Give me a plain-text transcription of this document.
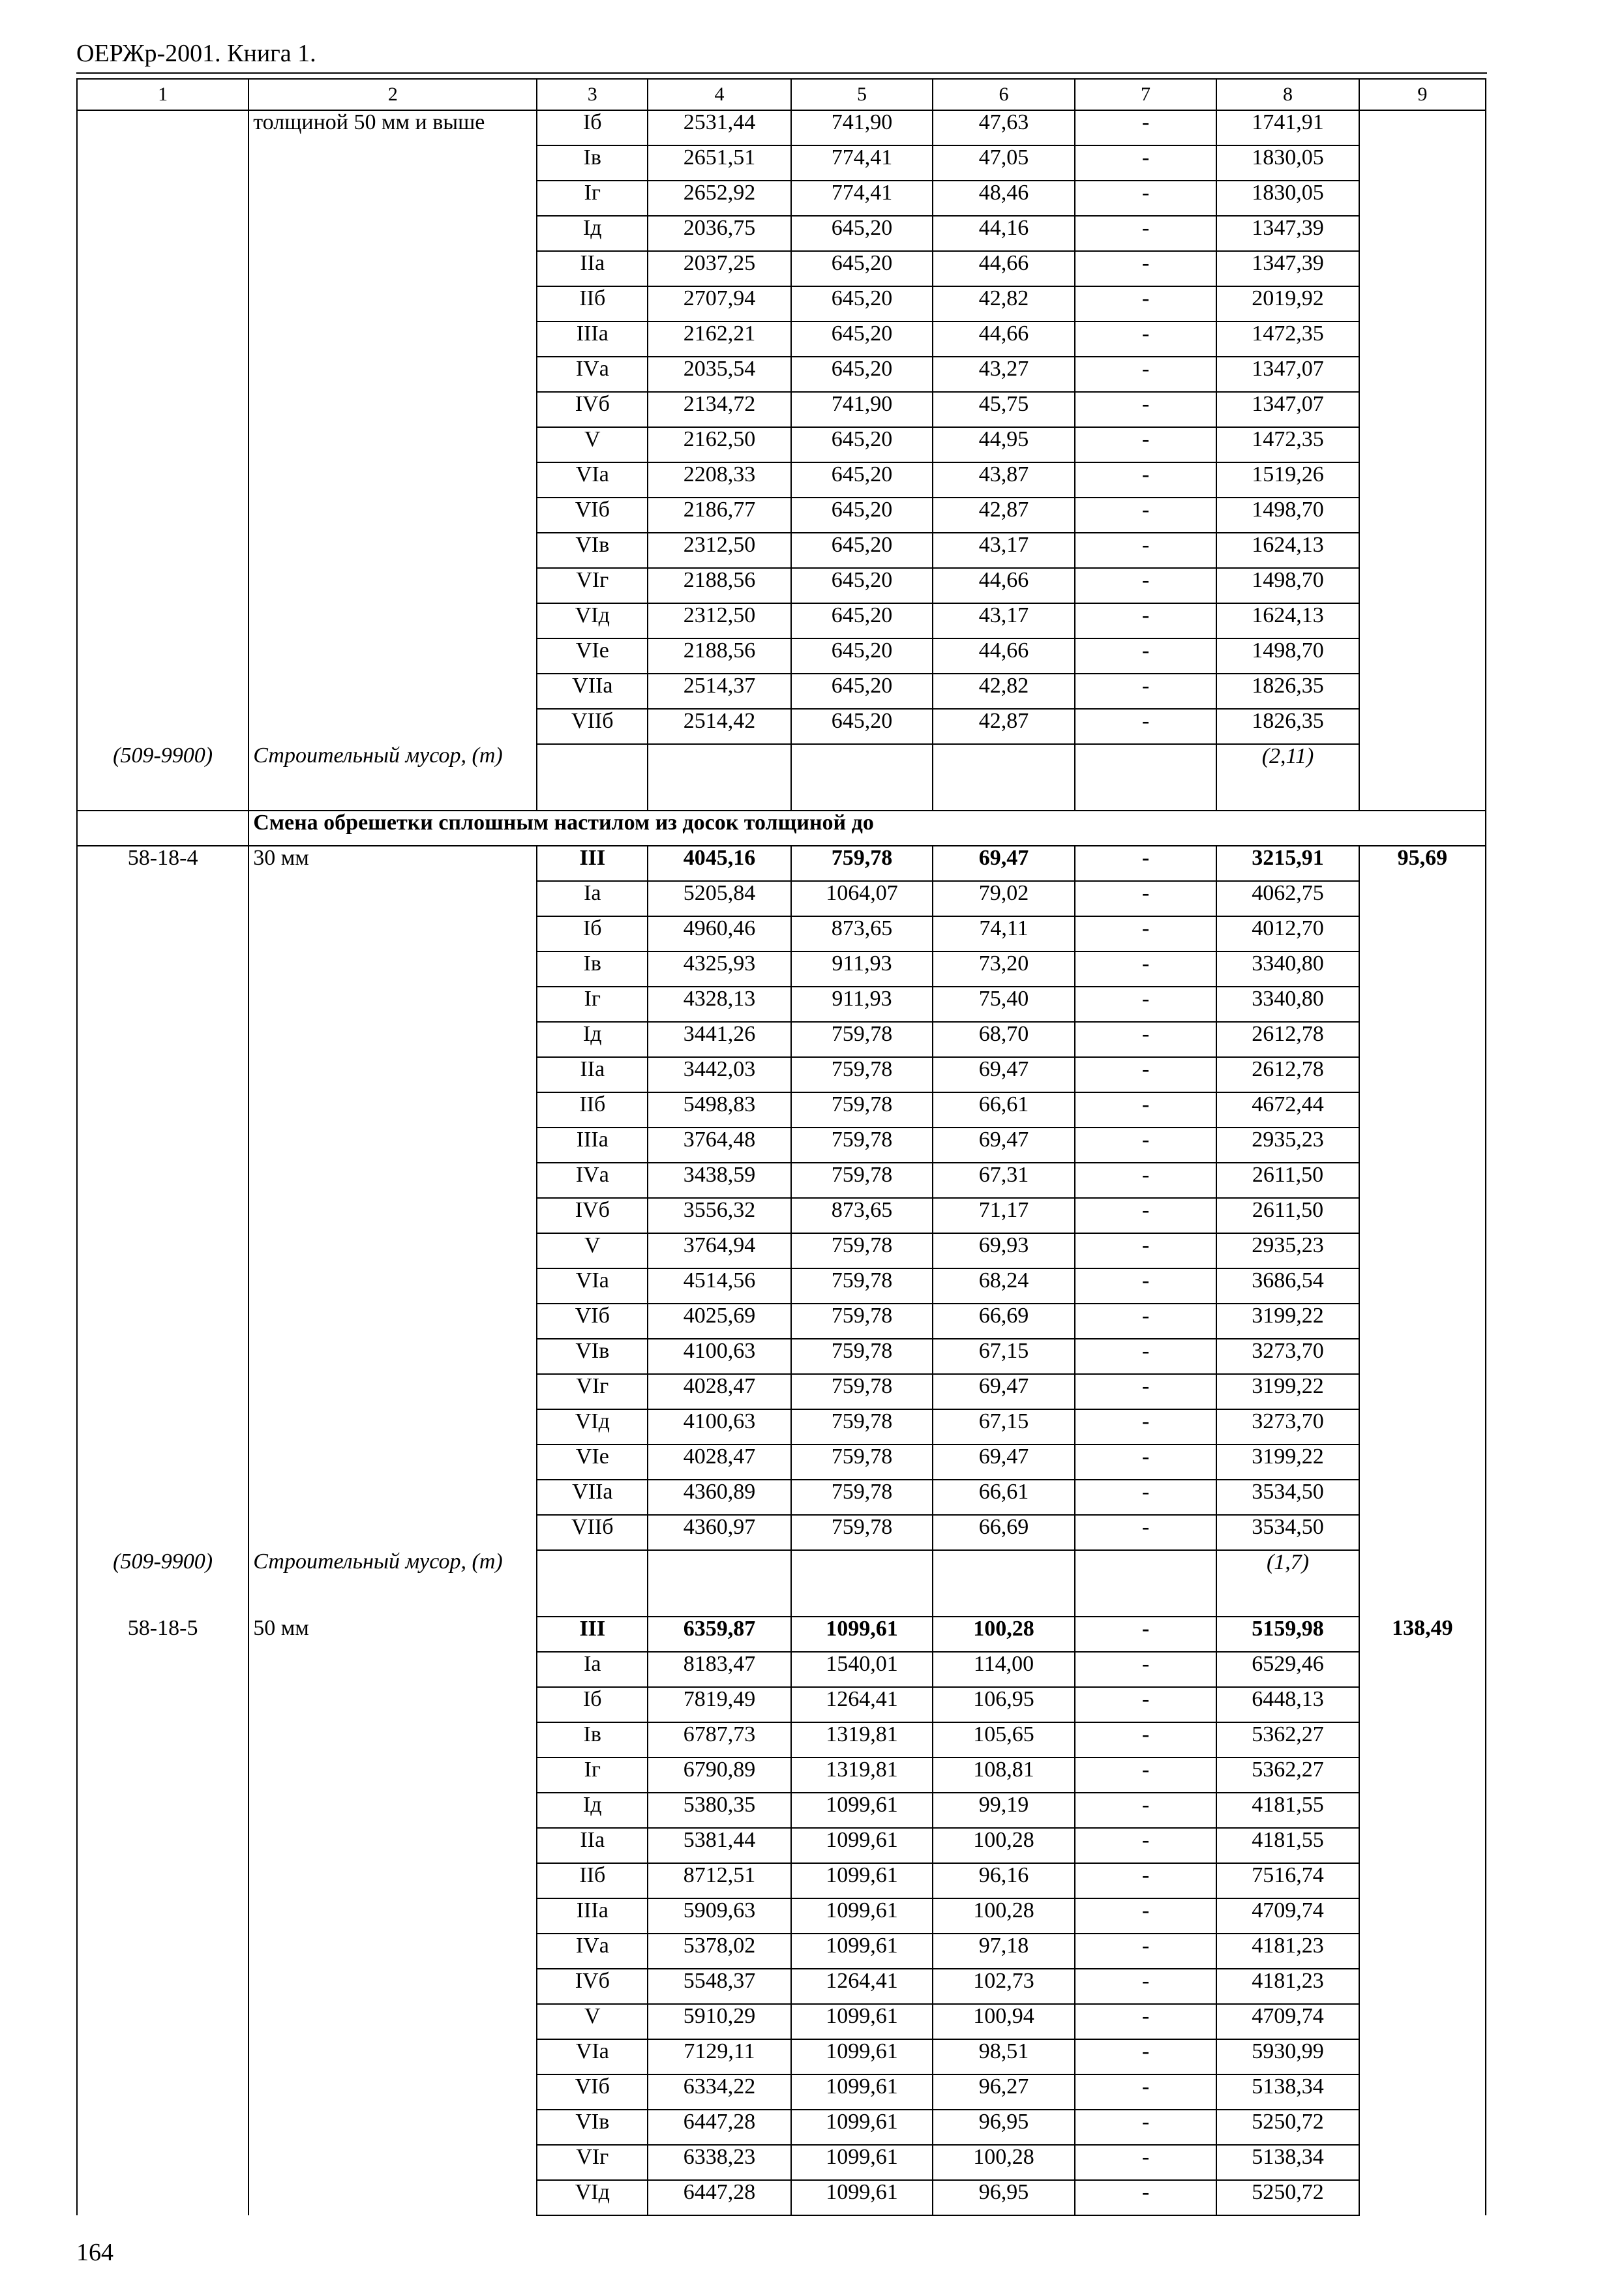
ОЕРЖр-2001. Книга 1.
1	2	3	4	5	6	7	8	9
	толщиной 50 мм и выше	Iб	2531,44	741,90	47,63	-	1741,91	
		Iв	2651,51	774,41	47,05	-	1830,05	
		Iг	2652,92	774,41	48,46	-	1830,05	
		Iд	2036,75	645,20	44,16	-	1347,39	
		IIа	2037,25	645,20	44,66	-	1347,39	
		IIб	2707,94	645,20	42,82	-	2019,92	
		IIIа	2162,21	645,20	44,66	-	1472,35	
		IVа	2035,54	645,20	43,27	-	1347,07	
		IVб	2134,72	741,90	45,75	-	1347,07	
		V	2162,50	645,20	44,95	-	1472,35	
		VIа	2208,33	645,20	43,87	-	1519,26	
		VIб	2186,77	645,20	42,87	-	1498,70	
		VIв	2312,50	645,20	43,17	-	1624,13	
		VIг	2188,56	645,20	44,66	-	1498,70	
		VIд	2312,50	645,20	43,17	-	1624,13	
		VIе	2188,56	645,20	44,66	-	1498,70	
		VIIа	2514,37	645,20	42,82	-	1826,35	
		VIIб	2514,42	645,20	42,87	-	1826,35	
(509-9900)	Строительный мусор, (т)						(2,11)	
	Смена обрешетки сплошным настилом из досок толщиной до							
58-18-4	30 мм	III	4045,16	759,78	69,47	-	3215,91	95,69
		Iа	5205,84	1064,07	79,02	-	4062,75	
		Iб	4960,46	873,65	74,11	-	4012,70	
		Iв	4325,93	911,93	73,20	-	3340,80	
		Iг	4328,13	911,93	75,40	-	3340,80	
		Iд	3441,26	759,78	68,70	-	2612,78	
		IIа	3442,03	759,78	69,47	-	2612,78	
		IIб	5498,83	759,78	66,61	-	4672,44	
		IIIа	3764,48	759,78	69,47	-	2935,23	
		IVа	3438,59	759,78	67,31	-	2611,50	
		IVб	3556,32	873,65	71,17	-	2611,50	
		V	3764,94	759,78	69,93	-	2935,23	
		VIа	4514,56	759,78	68,24	-	3686,54	
		VIб	4025,69	759,78	66,69	-	3199,22	
		VIв	4100,63	759,78	67,15	-	3273,70	
		VIг	4028,47	759,78	69,47	-	3199,22	
		VIд	4100,63	759,78	67,15	-	3273,70	
		VIе	4028,47	759,78	69,47	-	3199,22	
		VIIа	4360,89	759,78	66,61	-	3534,50	
		VIIб	4360,97	759,78	66,69	-	3534,50	
(509-9900)	Строительный мусор, (т)						(1,7)	
58-18-5	50 мм	III	6359,87	1099,61	100,28	-	5159,98	138,49
		Iа	8183,47	1540,01	114,00	-	6529,46	
		Iб	7819,49	1264,41	106,95	-	6448,13	
		Iв	6787,73	1319,81	105,65	-	5362,27	
		Iг	6790,89	1319,81	108,81	-	5362,27	
		Iд	5380,35	1099,61	99,19	-	4181,55	
		IIа	5381,44	1099,61	100,28	-	4181,55	
		IIб	8712,51	1099,61	96,16	-	7516,74	
		IIIа	5909,63	1099,61	100,28	-	4709,74	
		IVа	5378,02	1099,61	97,18	-	4181,23	
		IVб	5548,37	1264,41	102,73	-	4181,23	
		V	5910,29	1099,61	100,94	-	4709,74	
		VIа	7129,11	1099,61	98,51	-	5930,99	
		VIб	6334,22	1099,61	96,27	-	5138,34	
		VIв	6447,28	1099,61	96,95	-	5250,72	
		VIг	6338,23	1099,61	100,28	-	5138,34	
		VIд	6447,28	1099,61	96,95	-	5250,72	
164
